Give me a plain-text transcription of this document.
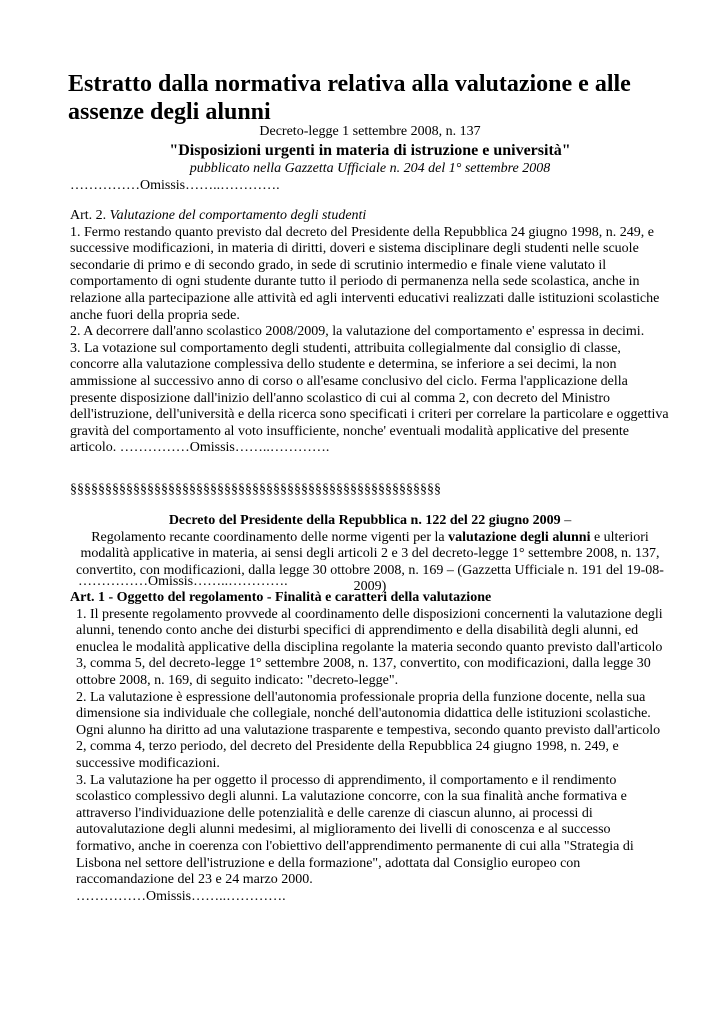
Estratto dalla normativa relativa alla valutazione e alle assenze degli alunni
Decreto-legge 1 settembre 2008, n. 137
"Disposizioni urgenti in materia di istruzione e università"
pubblicato nella Gazzetta Ufficiale n. 204 del 1° settembre 2008
……………Omissis……..………….

Art. 2. Valutazione del comportamento degli studenti

1. Fermo restando quanto previsto dal decreto del Presidente della Repubblica 24 giugno 1998, n. 249, e successive modificazioni, in materia di diritti, doveri e sistema disciplinare degli studenti nelle scuole secondarie di primo e di secondo grado, in sede di scrutinio intermedio e finale viene valutato il comportamento di ogni studente durante tutto il periodo di permanenza nella sede scolastica, anche in relazione alla partecipazione alle attività ed agli interventi educativi realizzati dalle istituzioni scolastiche anche fuori della propria sede.

2. A decorrere dall'anno scolastico 2008/2009, la valutazione del comportamento e' espressa in decimi.

3. La votazione sul comportamento degli studenti, attribuita collegialmente dal consiglio di classe, concorre alla valutazione complessiva dello studente e determina, se inferiore a sei decimi, la non ammissione al successivo anno di corso o all'esame conclusivo del ciclo. Ferma l'applicazione della presente disposizione dall'inizio dell'anno scolastico di cui al comma 2, con decreto del Ministro dell'istruzione, dell'università e della ricerca sono specificati i criteri per correlare la particolare e oggettiva gravità del comportamento al voto insufficiente, nonche' eventuali modalità applicative del presente articolo. ……………Omissis……..………….

§§§§§§§§§§§§§§§§§§§§§§§§§§§§§§§§§§§§§§§§§§§§§§§§§§§§§
Decreto del Presidente della Repubblica n. 122 del 22 giugno 2009 –
Regolamento recante coordinamento delle norme vigenti per la valutazione degli alunni e ulteriori modalità applicative in materia, ai sensi degli articoli 2 e 3 del decreto-legge 1° settembre 2008, n. 137, convertito, con modificazioni, dalla legge 30 ottobre 2008, n. 169 – (Gazzetta Ufficiale n. 191 del 19-08-2009)
……………Omissis……..………….

Art. 1 - Oggetto del regolamento - Finalità e caratteri della valutazione

1. Il presente regolamento provvede al coordinamento delle disposizioni concernenti la valutazione degli alunni, tenendo conto anche dei disturbi specifici di apprendimento e della disabilità degli alunni, ed enuclea le modalità applicative della disciplina regolante la materia secondo quanto previsto dall'articolo 3, comma 5, del decreto-legge 1° settembre 2008, n. 137, convertito, con modificazioni, dalla legge 30 ottobre 2008, n. 169, di seguito indicato: "decreto-legge".

2. La valutazione è espressione dell'autonomia professionale propria della funzione docente, nella sua dimensione sia individuale che collegiale, nonché dell'autonomia didattica delle istituzioni scolastiche. Ogni alunno ha diritto ad una valutazione trasparente e tempestiva, secondo quanto previsto dall'articolo 2, comma 4, terzo periodo, del decreto del Presidente della Repubblica 24 giugno 1998, n. 249, e successive modificazioni.

3. La valutazione ha per oggetto il processo di apprendimento, il comportamento e il rendimento scolastico complessivo degli alunni. La valutazione concorre, con la sua finalità anche formativa e attraverso l'individuazione delle potenzialità e delle carenze di ciascun alunno, ai processi di autovalutazione degli alunni medesimi, al miglioramento dei livelli di conoscenza e al successo formativo, anche in coerenza con l'obiettivo dell'apprendimento permanente di cui alla "Strategia di Lisbona nel settore dell'istruzione e della formazione", adottata dal Consiglio europeo con raccomandazione del 23 e 24 marzo 2000.

……………Omissis……..………….
